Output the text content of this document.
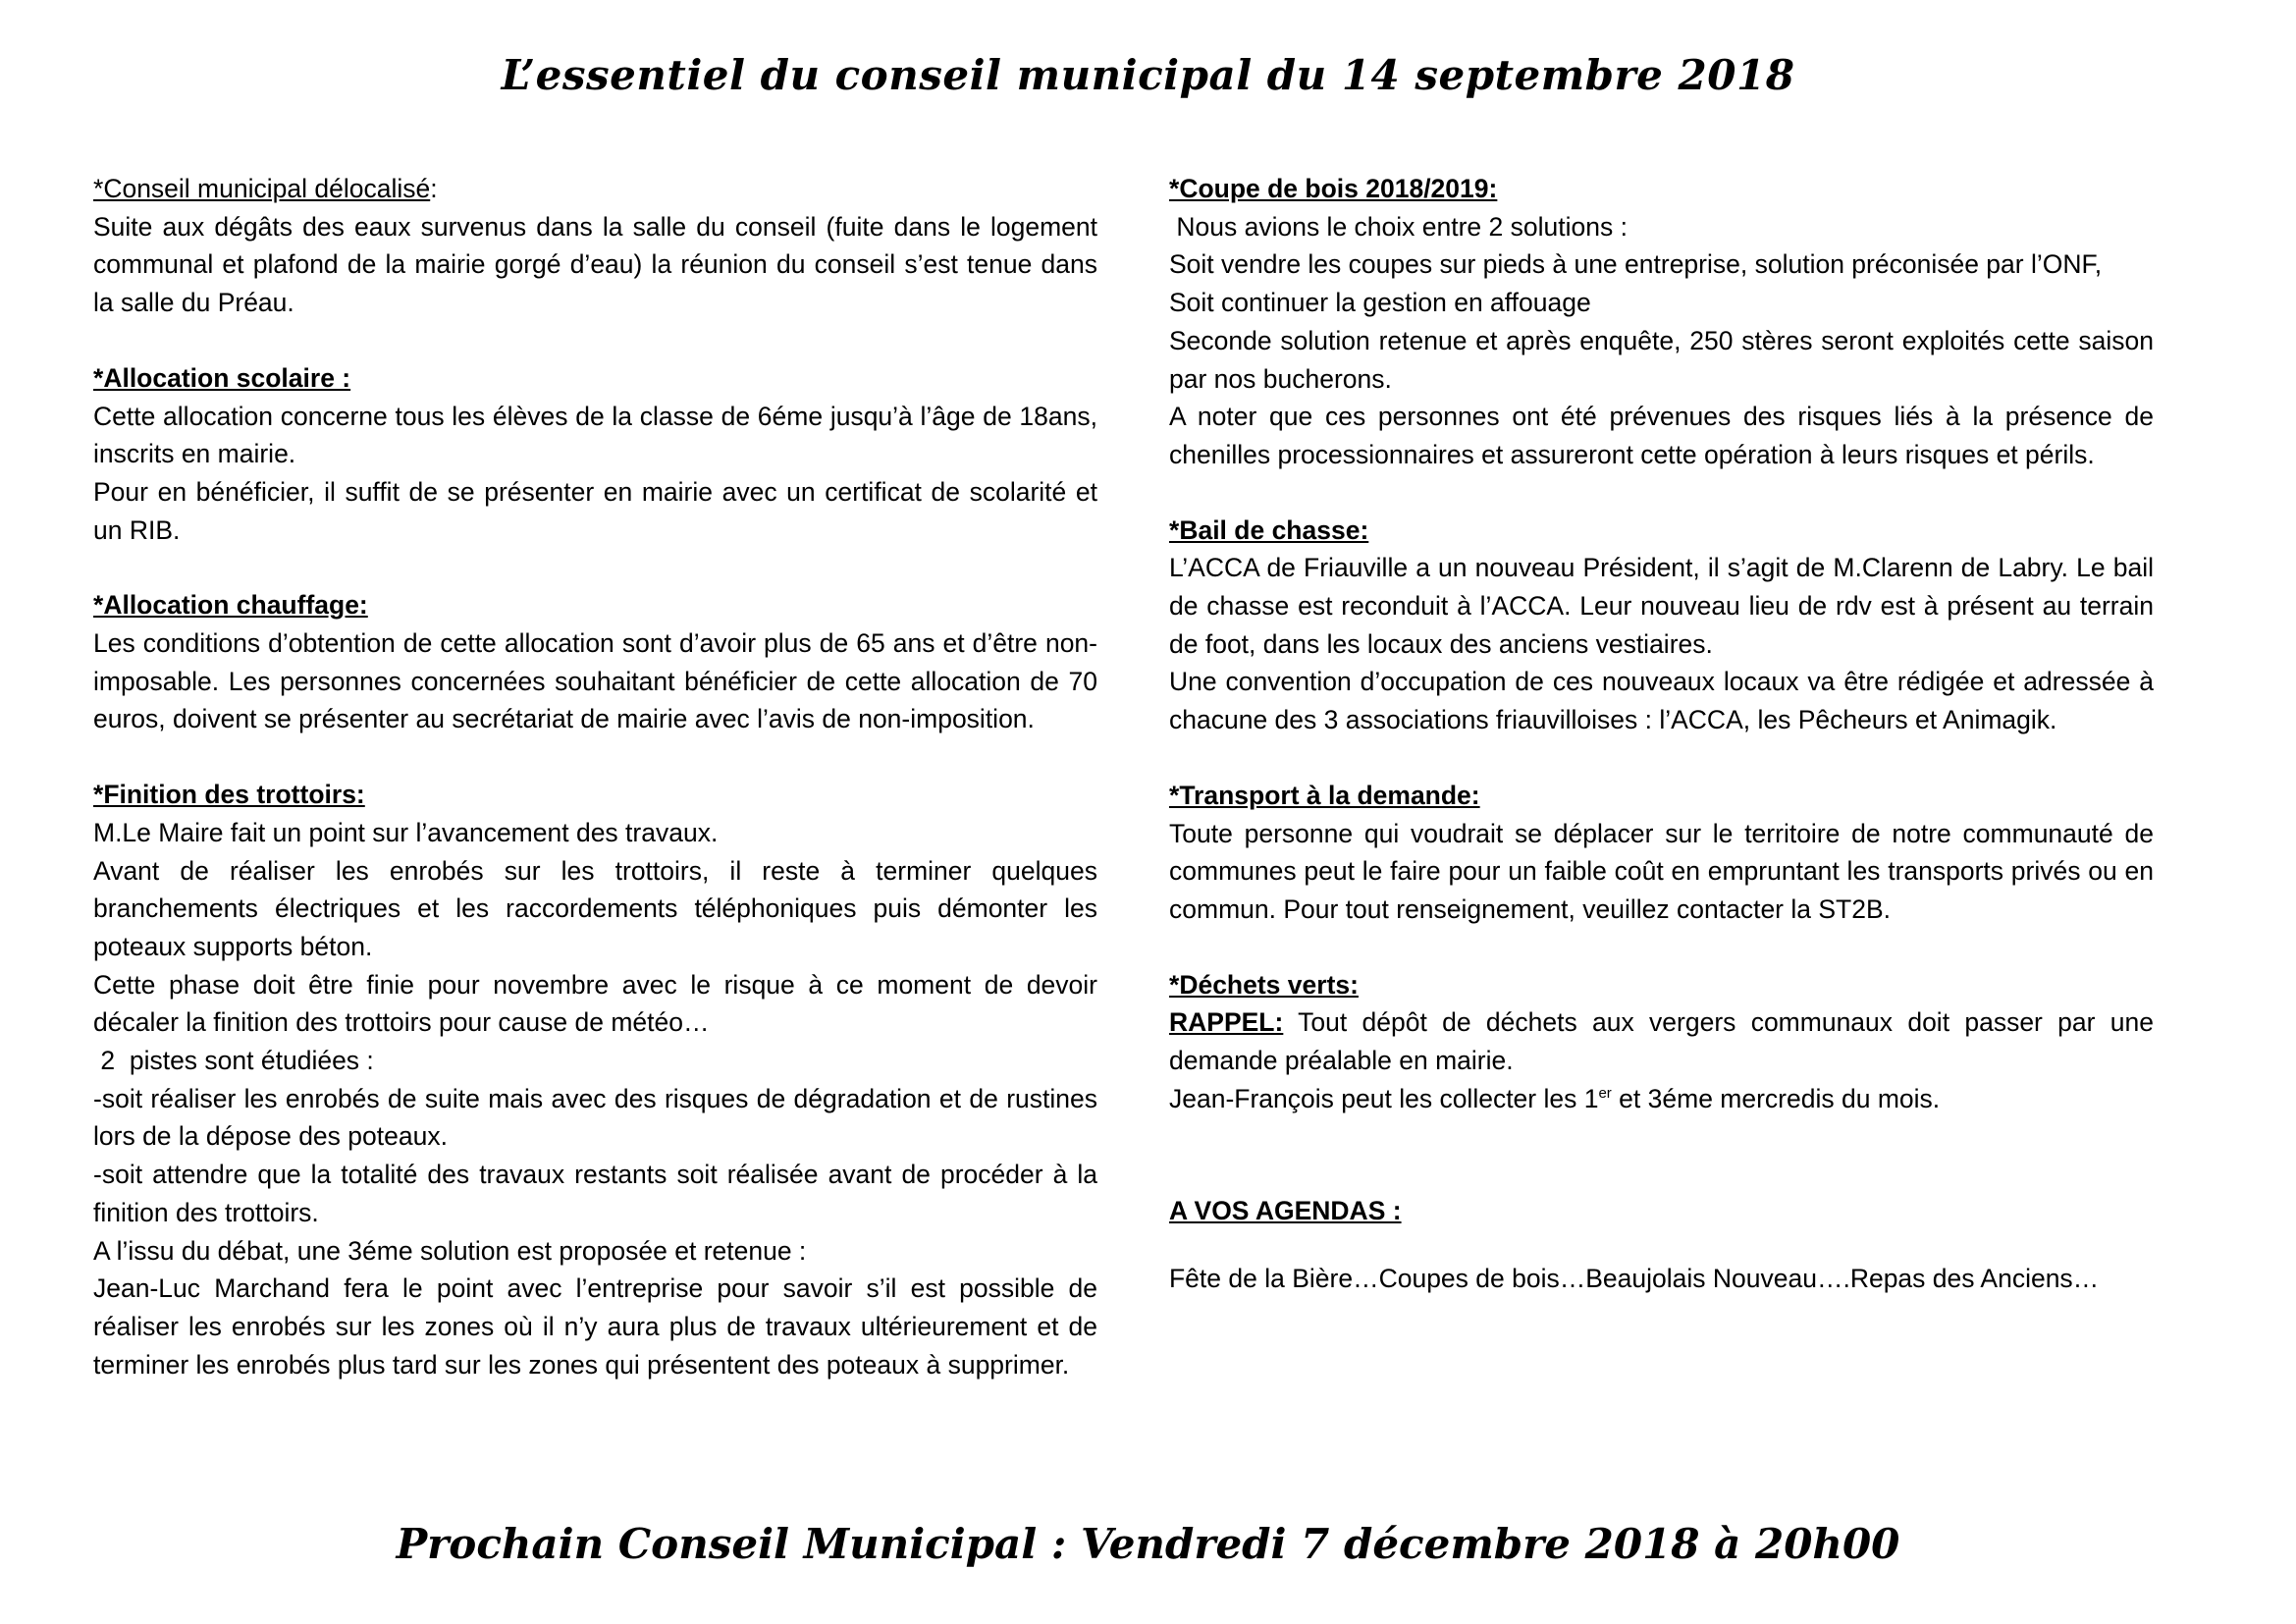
L’essentiel du conseil municipal du 14 septembre 2018
*Conseil municipal délocalisé:
Suite aux dégâts des eaux survenus dans la salle du conseil (fuite dans le logement communal et plafond de la mairie gorgé d’eau) la réunion du conseil s’est tenue dans la salle du Préau.
*Allocation scolaire :
Cette allocation concerne tous les élèves de la classe de 6éme jusqu’à l’âge de 18ans, inscrits en mairie.
Pour en bénéficier, il suffit de se présenter en mairie avec un certificat de scolarité et un RIB.
*Allocation chauffage:
Les conditions d’obtention de cette allocation sont d’avoir plus de 65 ans et d’être non-imposable. Les personnes concernées souhaitant bénéficier de cette allocation de 70 euros, doivent se présenter au secrétariat de mairie avec l’avis de non-imposition.
*Finition des trottoirs:
M.Le Maire fait un point sur l’avancement des travaux.
Avant de réaliser les enrobés sur les trottoirs, il reste à terminer quelques branchements électriques et les raccordements téléphoniques puis démonter les poteaux supports béton.
Cette phase doit être finie pour novembre avec le risque à ce moment de devoir décaler la finition des trottoirs pour cause de météo…
2  pistes sont étudiées :
-soit réaliser les enrobés de suite mais avec des risques de dégradation et de rustines lors de la dépose des poteaux.
-soit attendre que la totalité des travaux restants soit réalisée avant de procéder à la finition des trottoirs.
A l’issu du débat, une 3éme solution est proposée et retenue :
Jean-Luc Marchand fera le point avec l’entreprise pour savoir s’il est possible de réaliser les enrobés sur les zones où il n’y aura plus de travaux ultérieurement et de terminer les enrobés plus tard sur les zones qui présentent des poteaux à supprimer.
*Coupe de bois 2018/2019:
Nous avions le choix entre 2 solutions :
Soit vendre les coupes sur pieds à une entreprise, solution préconisée par l’ONF,
Soit continuer la gestion en affouage
Seconde solution retenue et après enquête, 250 stères seront exploités cette saison par nos bucherons.
A noter que ces personnes ont été prévenues des risques liés à la présence de chenilles processionnaires et assureront cette opération à leurs risques et périls.
*Bail de chasse:
L’ACCA de Friauville a un nouveau Président, il s’agit de M.Clarenn de Labry. Le bail de chasse est reconduit à l’ACCA. Leur nouveau lieu de rdv est à présent au terrain de foot, dans les locaux des anciens vestiaires.
Une convention d’occupation de ces nouveaux locaux va être rédigée et adressée à chacune des 3 associations friauvilloises : l’ACCA, les Pêcheurs et Animagik.
*Transport à la demande:
Toute personne qui voudrait se déplacer sur le territoire de notre communauté de communes peut le faire pour un faible coût en empruntant les transports privés ou en commun. Pour tout renseignement, veuillez contacter la ST2B.
*Déchets verts:
RAPPEL: Tout dépôt de déchets aux vergers communaux doit passer par une demande préalable en mairie.
Jean-François peut les collecter les 1er et 3éme mercredis du mois.
A VOS AGENDAS :
Fête de la Bière…Coupes de bois…Beaujolais Nouveau….Repas des Anciens…
Prochain Conseil Municipal : Vendredi 7 décembre 2018 à 20h00
